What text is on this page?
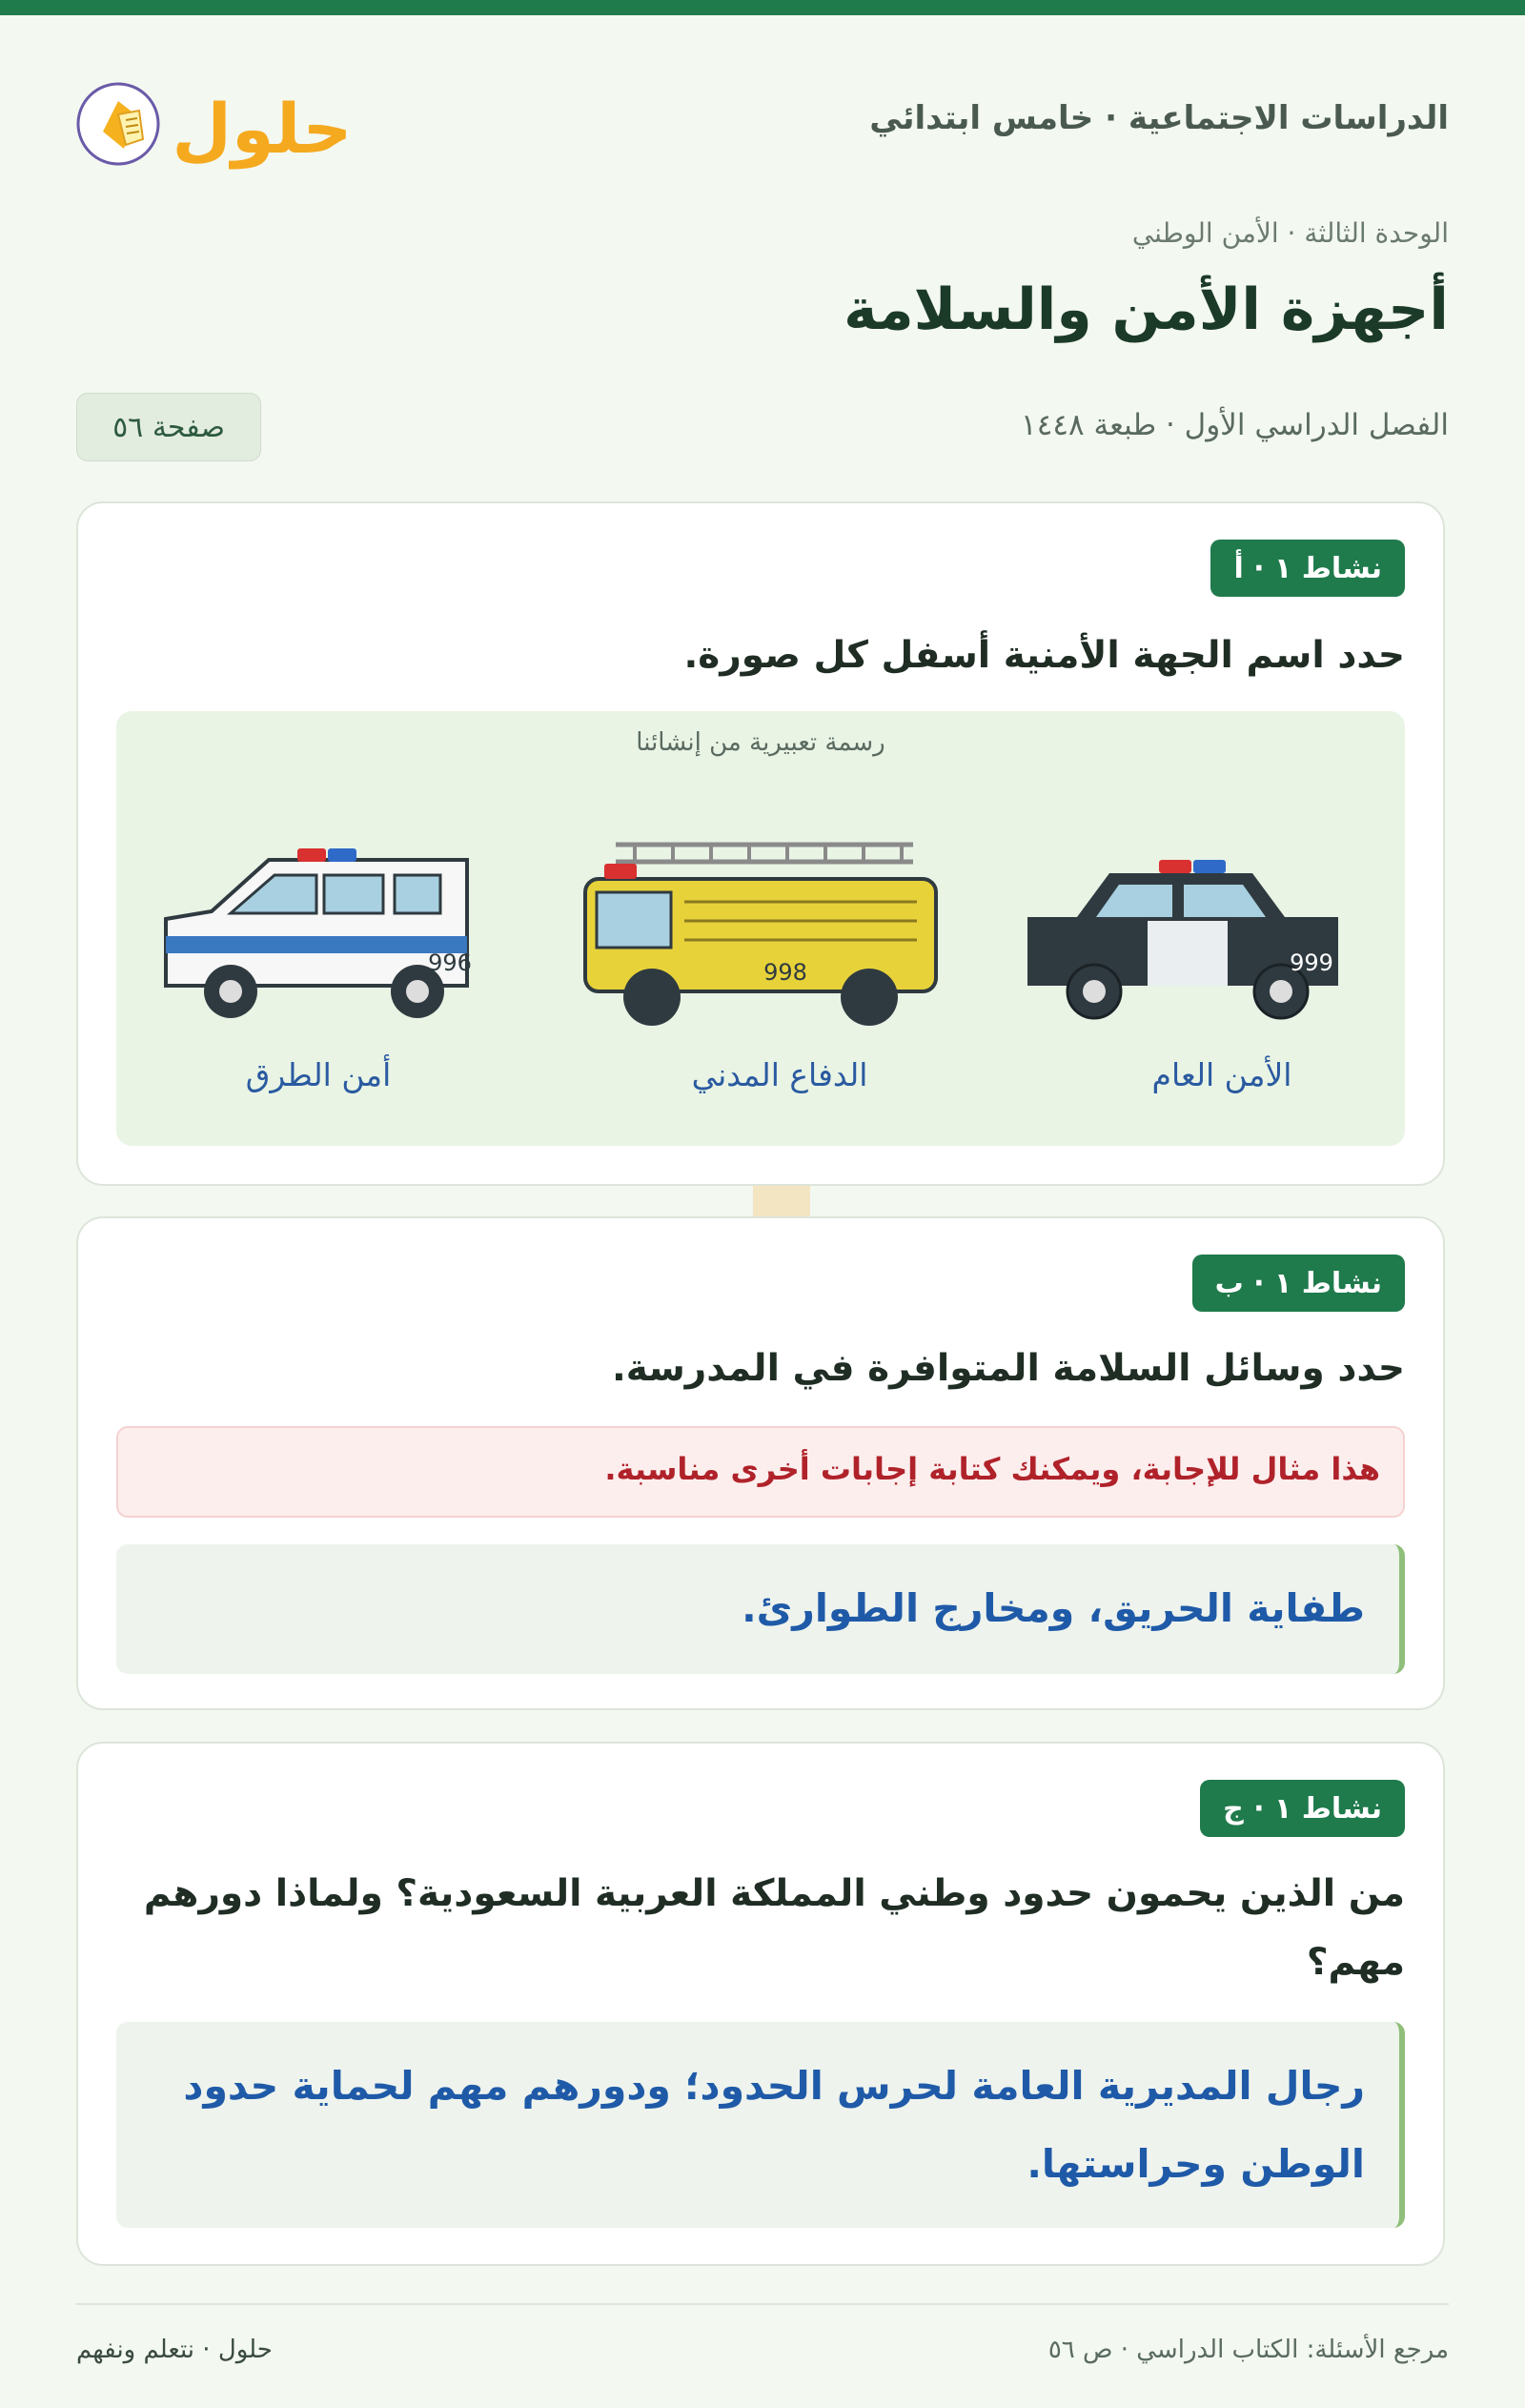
الدراسات الاجتماعية · خامس ابتدائي
حلول
الوحدة الثالثة · الأمن الوطني
أجهزة الأمن والسلامة
الفصل الدراسي الأول · طبعة ١٤٤٨
صفحة ٥٦
نشاط ١ · أ
حدد اسم الجهة الأمنية أسفل كل صورة.
رسمة تعبيرية من إنشائنا
996	998	999
الأمن العام
الدفاع المدني
أمن الطرق
نشاط ١ · ب
حدد وسائل السلامة المتوافرة في المدرسة.
هذا مثال للإجابة، ويمكنك كتابة إجابات أخرى مناسبة.
طفاية الحريق، ومخارج الطوارئ.
نشاط ١ · ج
من الذين يحمون حدود وطني المملكة العربية السعودية؟ ولماذا دورهم مهم؟
رجال المديرية العامة لحرس الحدود؛ ودورهم مهم لحماية حدود الوطن وحراستها.
مرجع الأسئلة: الكتاب الدراسي · ص ٥٦
حلول · نتعلم ونفهم
